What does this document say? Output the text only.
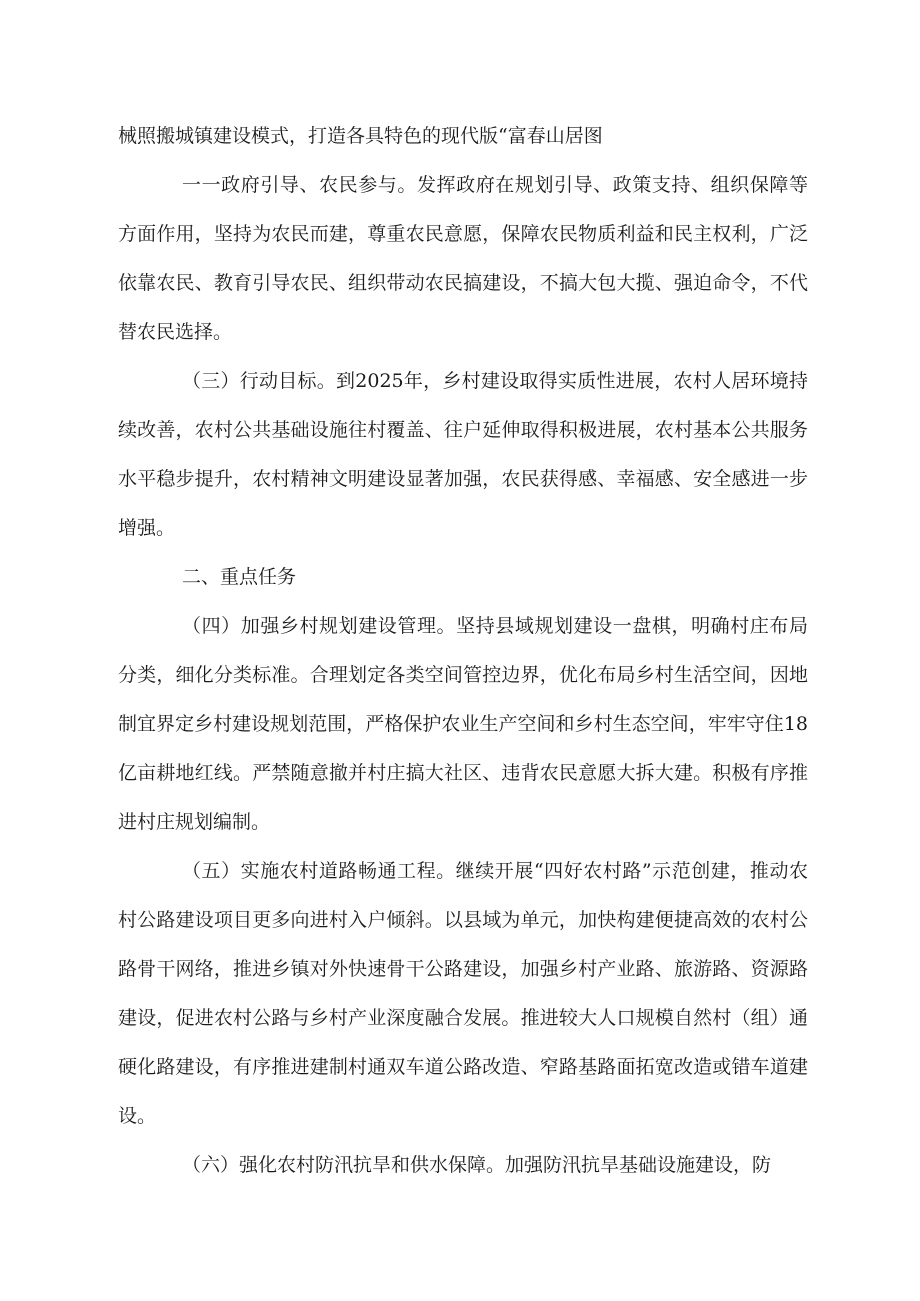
械照搬城镇建设模式，打造各具特色的现代版“富春山居图

一一政府引导、农民参与。发挥政府在规划引导、政策支持、组织保障等方面作用，坚持为农民而建，尊重农民意愿，保障农民物质利益和民主权利，广泛依靠农民、教育引导农民、组织带动农民搞建设，不搞大包大揽、强迫命令，不代替农民选择。

（三）行动目标。到2025年，乡村建设取得实质性进展，农村人居环境持续改善，农村公共基础设施往村覆盖、往户延伸取得积极进展，农村基本公共服务水平稳步提升，农村精神文明建设显著加强，农民获得感、幸福感、安全感进一步增强。

二、重点任务

（四）加强乡村规划建设管理。坚持县域规划建设一盘棋，明确村庄布局分类，细化分类标准。合理划定各类空间管控边界，优化布局乡村生活空间，因地制宜界定乡村建设规划范围，严格保护农业生产空间和乡村生态空间，牢牢守住18亿亩耕地红线。严禁随意撤并村庄搞大社区、违背农民意愿大拆大建。积极有序推进村庄规划编制。

（五）实施农村道路畅通工程。继续开展“四好农村路”示范创建，推动农村公路建设项目更多向进村入户倾斜。以县域为单元，加快构建便捷高效的农村公路骨干网络，推进乡镇对外快速骨干公路建设，加强乡村产业路、旅游路、资源路建设，促进农村公路与乡村产业深度融合发展。推进较大人口规模自然村（组）通硬化路建设，有序推进建制村通双车道公路改造、窄路基路面拓宽改造或错车道建设。

（六）强化农村防汛抗旱和供水保障。加强防汛抗旱基础设施建设，防
